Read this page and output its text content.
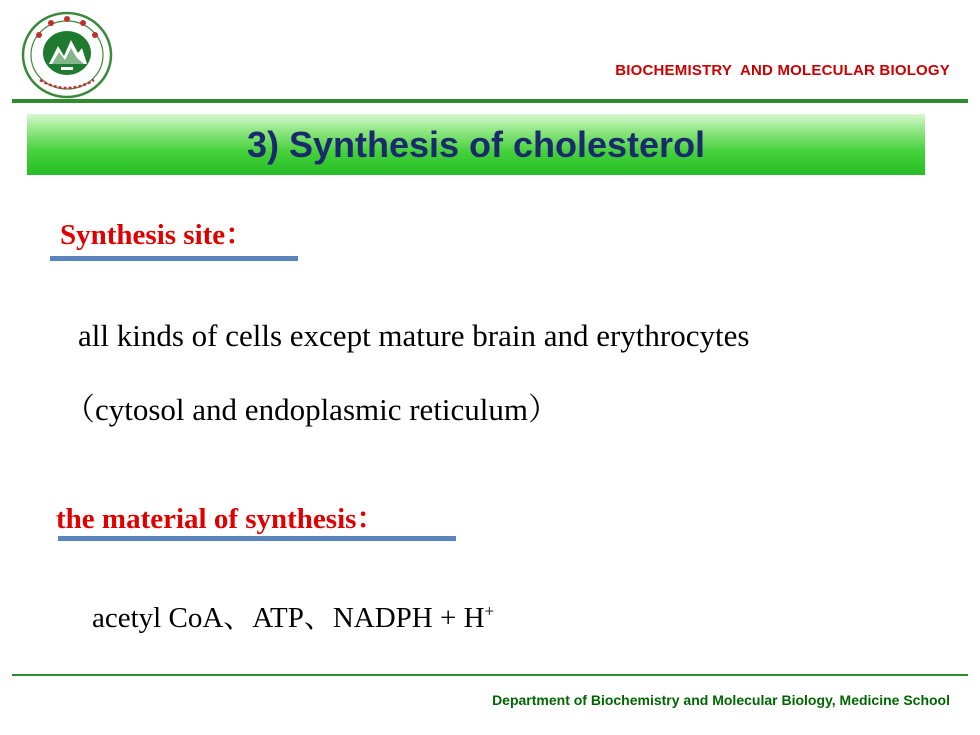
BIOCHEMISTRY  AND MOLECULAR BIOLOGY
3) Synthesis of cholesterol
Synthesis site：
all kinds of cells except mature brain and erythrocytes
（cytosol and endoplasmic reticulum）
the material of synthesis：
acetyl CoA、ATP、NADPH + H+
Department of Biochemistry and Molecular Biology, Medicine School
